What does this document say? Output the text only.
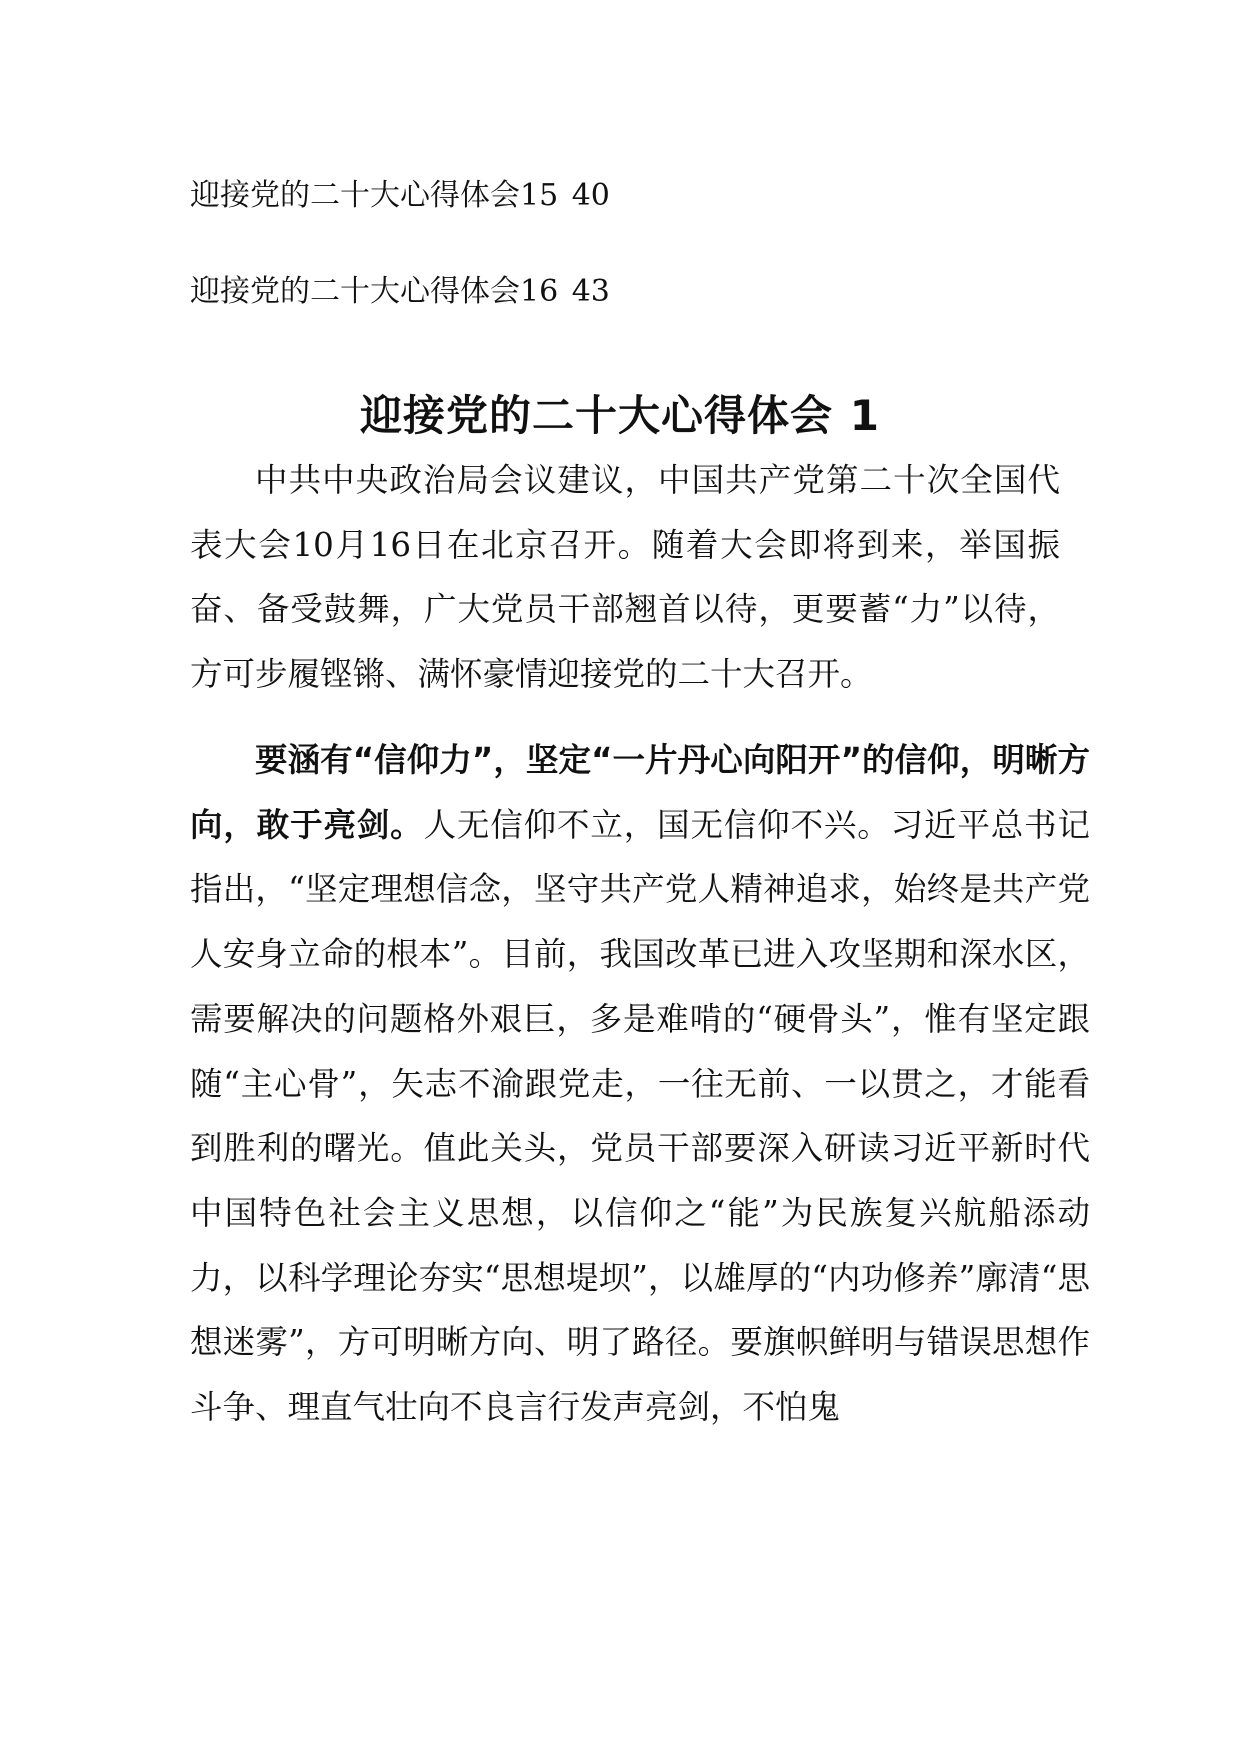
迎接党的二十大心得体会15 40
迎接党的二十大心得体会16 43
迎接党的二十大心得体会 1

中共中央政治局会议建议，中国共产党第二十次全国代表大会10月16日在北京召开。随着大会即将到来，举国振奋、备受鼓舞，广大党员干部翘首以待，更要蓄“力”以待，方可步履铿锵、满怀豪情迎接党的二十大召开。

要涵有“信仰力”，坚定“一片丹心向阳开”的信仰，明晰方向，敢于亮剑。人无信仰不立，国无信仰不兴。习近平总书记指出，“坚定理想信念，坚守共产党人精神追求，始终是共产党人安身立命的根本”。目前，我国改革已进入攻坚期和深水区，需要解决的问题格外艰巨，多是难啃的“硬骨头”，惟有坚定跟随“主心骨”，矢志不渝跟党走，一往无前、一以贯之，才能看到胜利的曙光。值此关头，党员干部要深入研读习近平新时代中国特色社会主义思想，以信仰之“能”为民族复兴航船添动力，以科学理论夯实“思想堤坝”，以雄厚的“内功修养”廓清“思想迷雾”，方可明晰方向、明了路径。要旗帜鲜明与错误思想作斗争、理直气壮向不良言行发声亮剑，不怕鬼
